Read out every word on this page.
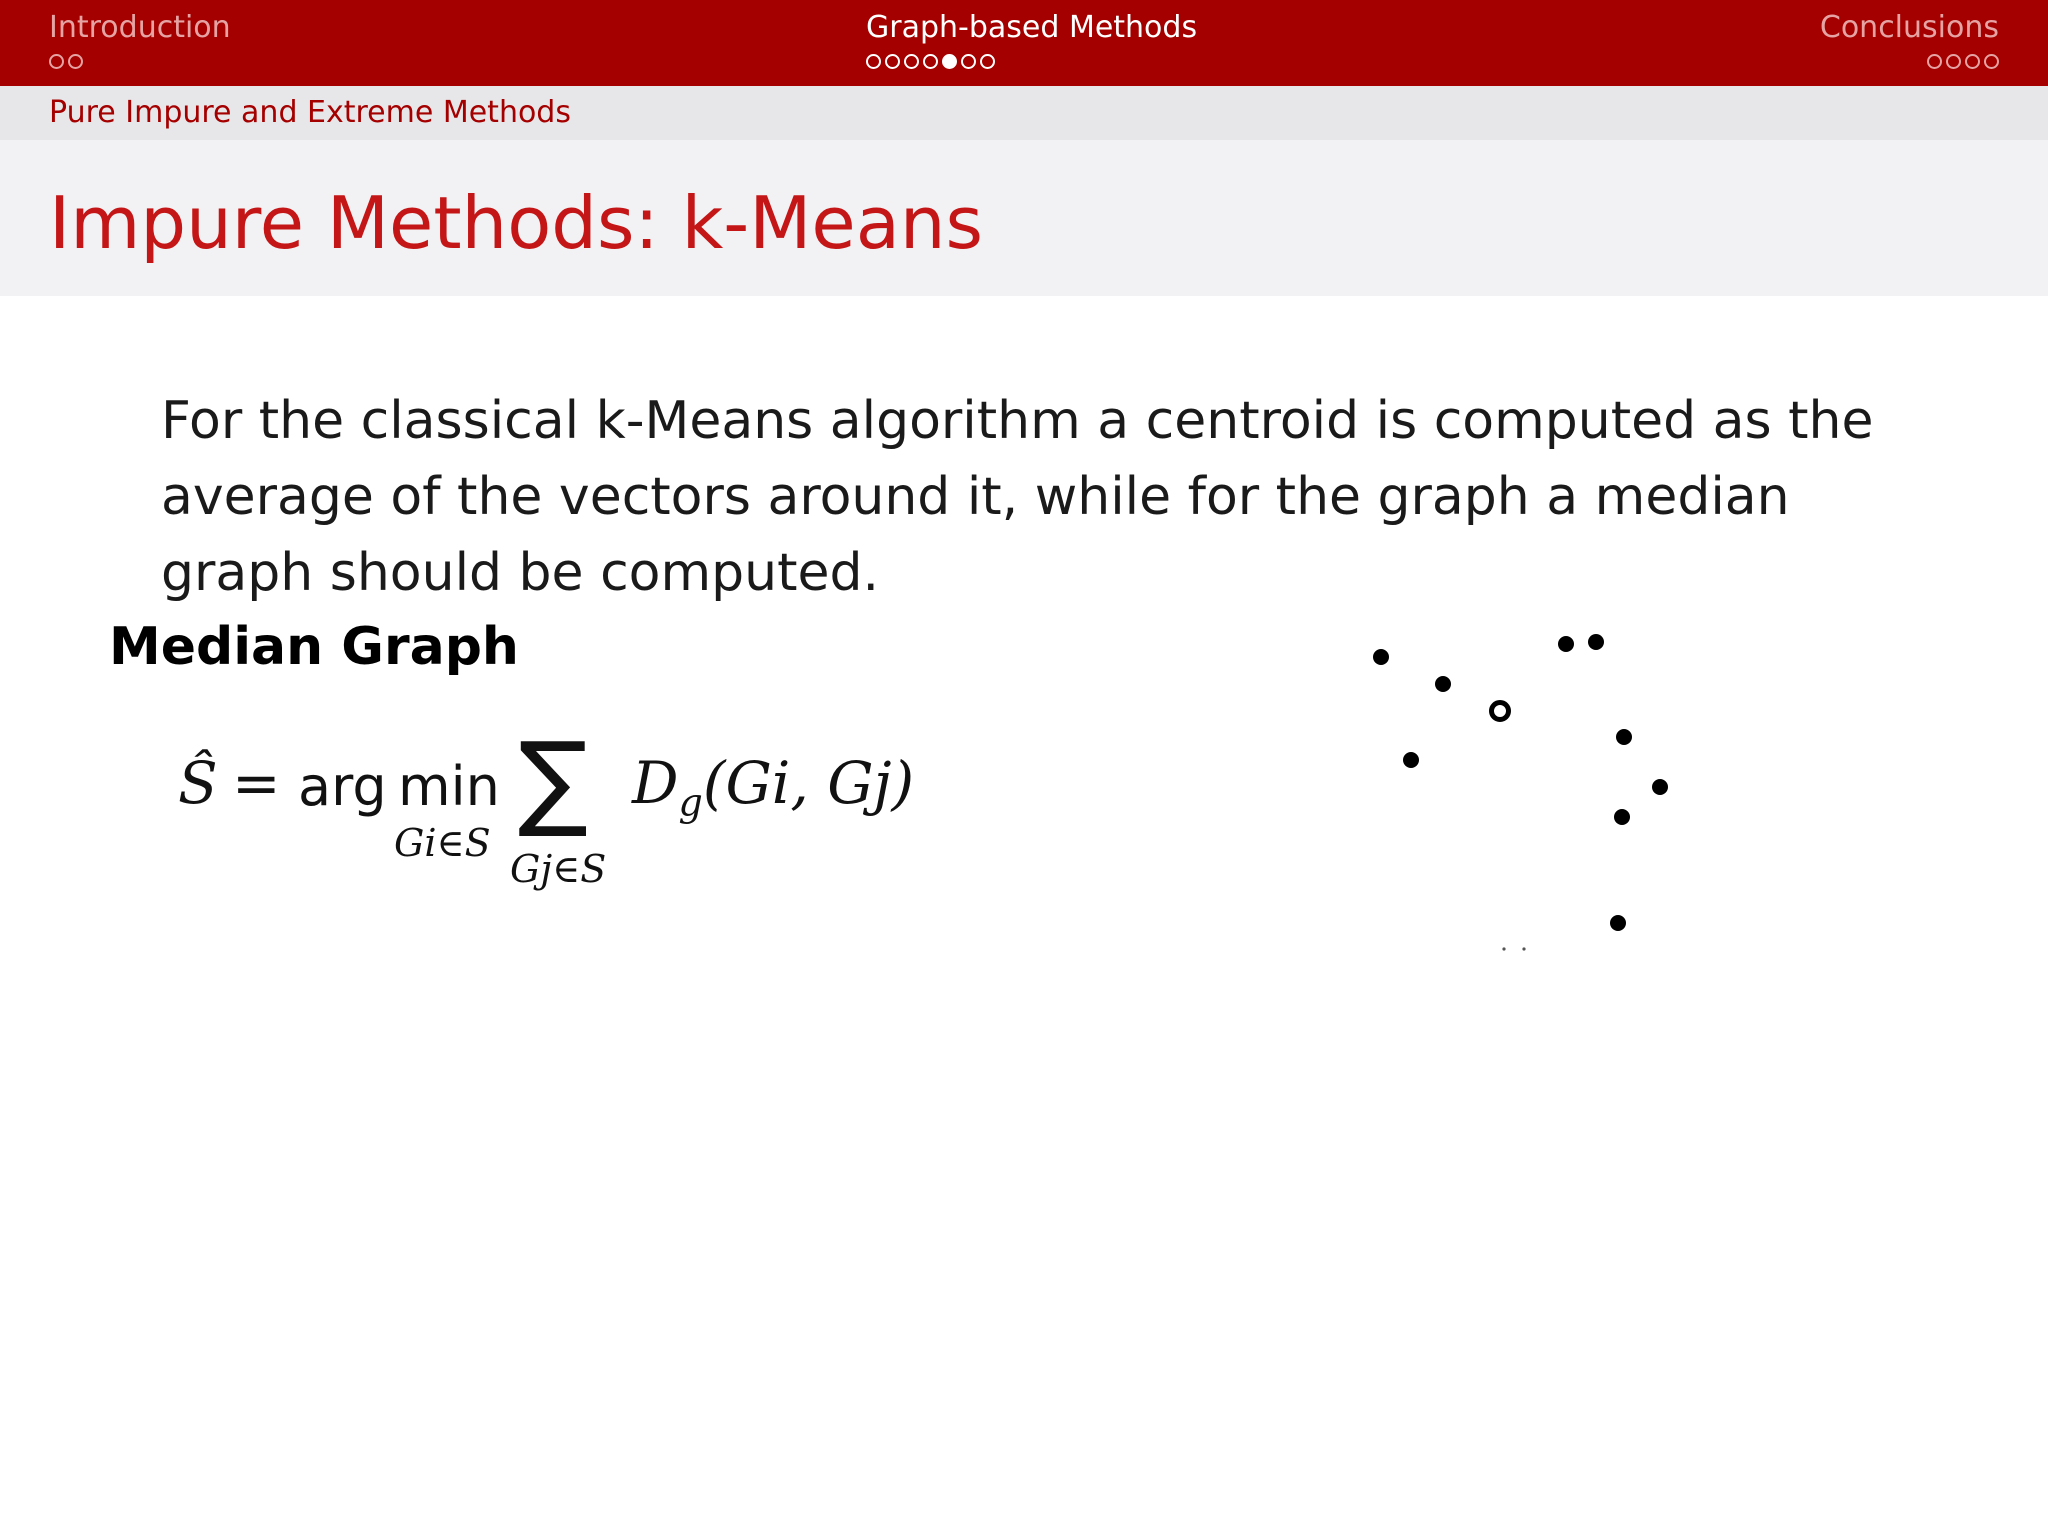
Introduction	Graph-based Methods	Conclusions
Pure Impure and Extreme Methods
Impure Methods: k-Means

For the classical k-Means algorithm a centroid is computed as the average of the vectors around it, while for the graph a median graph should be computed.

Median Graph
Ŝ = arg min
Gi∈S
∑
Gj∈S
$D_g(Gi$, Gj)
